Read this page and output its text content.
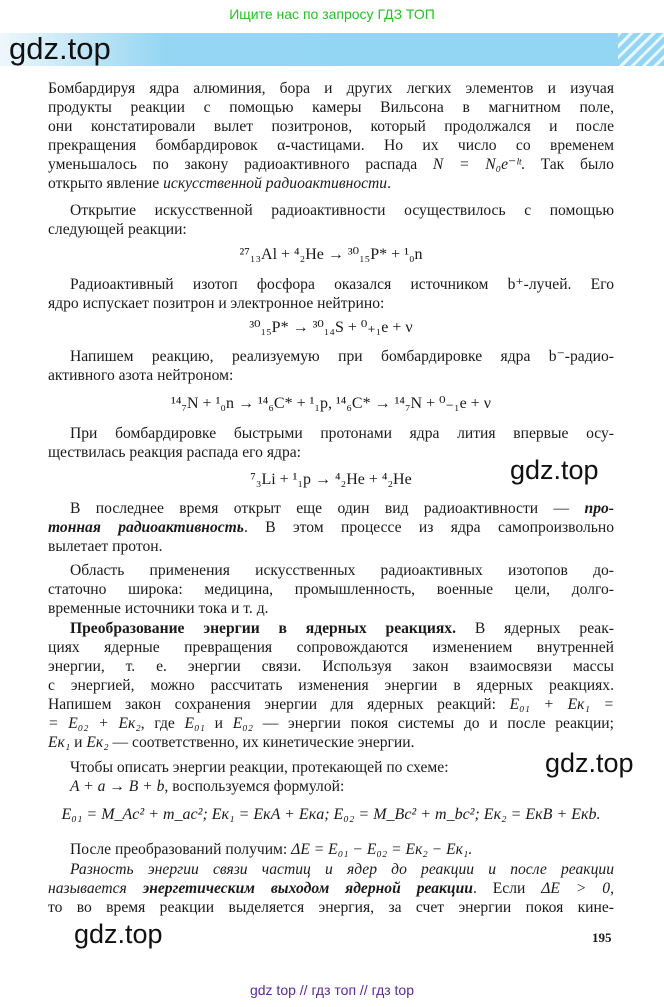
Ищите нас по запросу ГДЗ ТОП
gdz.top
Бомбардируя ядра алюминия, бора и других легких элементов и изучая
продукты реакции с помощью камеры Вильсона в магнитном поле,
они констатировали вылет позитронов, который продолжался и после
прекращения бомбардировок α-частицами. Но их число со временем
уменьшалось по закону радиоактивного распада N = N₀e⁻ˡᵗ. Так было
открыто явление искусственной радиоактивности.
Открытие искусственной радиоактивности осуществилось с помощью
следующей реакции:
²⁷₁₃Al + ⁴₂He → ³⁰₁₅P* + ¹₀n
Радиоактивный изотоп фосфора оказался источником b⁺-лучей. Его
ядро испускает позитрон и электронное нейтрино:
³⁰₁₅P* → ³⁰₁₄S + ⁰₊₁e + ν
Напишем реакцию, реализуемую при бомбардировке ядра b⁻-радио-
активного азота нейтроном:
¹⁴₇N + ¹₀n → ¹⁴₆C* + ¹₁p, ¹⁴₆C* → ¹⁴₇N + ⁰₋₁e + ν
При бомбардировке быстрыми протонами ядра лития впервые осу-
ществилась реакция распада его ядра:
⁷₃Li + ¹₁p → ⁴₂He + ⁴₂He
В последнее время открыт еще один вид радиоактивности — про-
тонная радиоактивность. В этом процессе из ядра самопроизвольно
вылетает протон.
Область применения искусственных радиоактивных изотопов до-
статочно широка: медицина, промышленность, военные цели, долго-
временные источники тока и т. д.
Преобразование энергии в ядерных реакциях. В ядерных реак-
циях ядерные превращения сопровождаются изменением внутренней
энергии, т. е. энергии связи. Используя закон взаимосвязи массы
с энергией, можно рассчитать изменения энергии в ядерных реакциях.
Напишем закон сохранения энергии для ядерных реакций: E₀₁ + Eк₁ =
= E₀₂ + Eк₂, где E₀₁ и E₀₂ — энергии покоя системы до и после реакции;
Eк₁ и Eк₂ — соответственно, их кинетические энергии.
Чтобы описать энергии реакции, протекающей по схеме:
A + a → B + b, воспользуемся формулой:
E₀₁ = M_Ac² + m_ac²; Eк₁ = EкA + Eкa; E₀₂ = M_Bc² + m_bc²; Eк₂ = EкB + Eкb.
После преобразований получим: ΔE = E₀₁ − E₀₂ = Eк₂ − Eк₁.
Разность энергии связи частиц и ядер до реакции и после реакции
называется энергетическим выходом ядерной реакции. Если ΔE > 0,
то во время реакции выделяется энергия, за счет энергии покоя кине-
gdz.top
gdz.top
gdz.top	195
gdz top // гдз топ // гдз top
